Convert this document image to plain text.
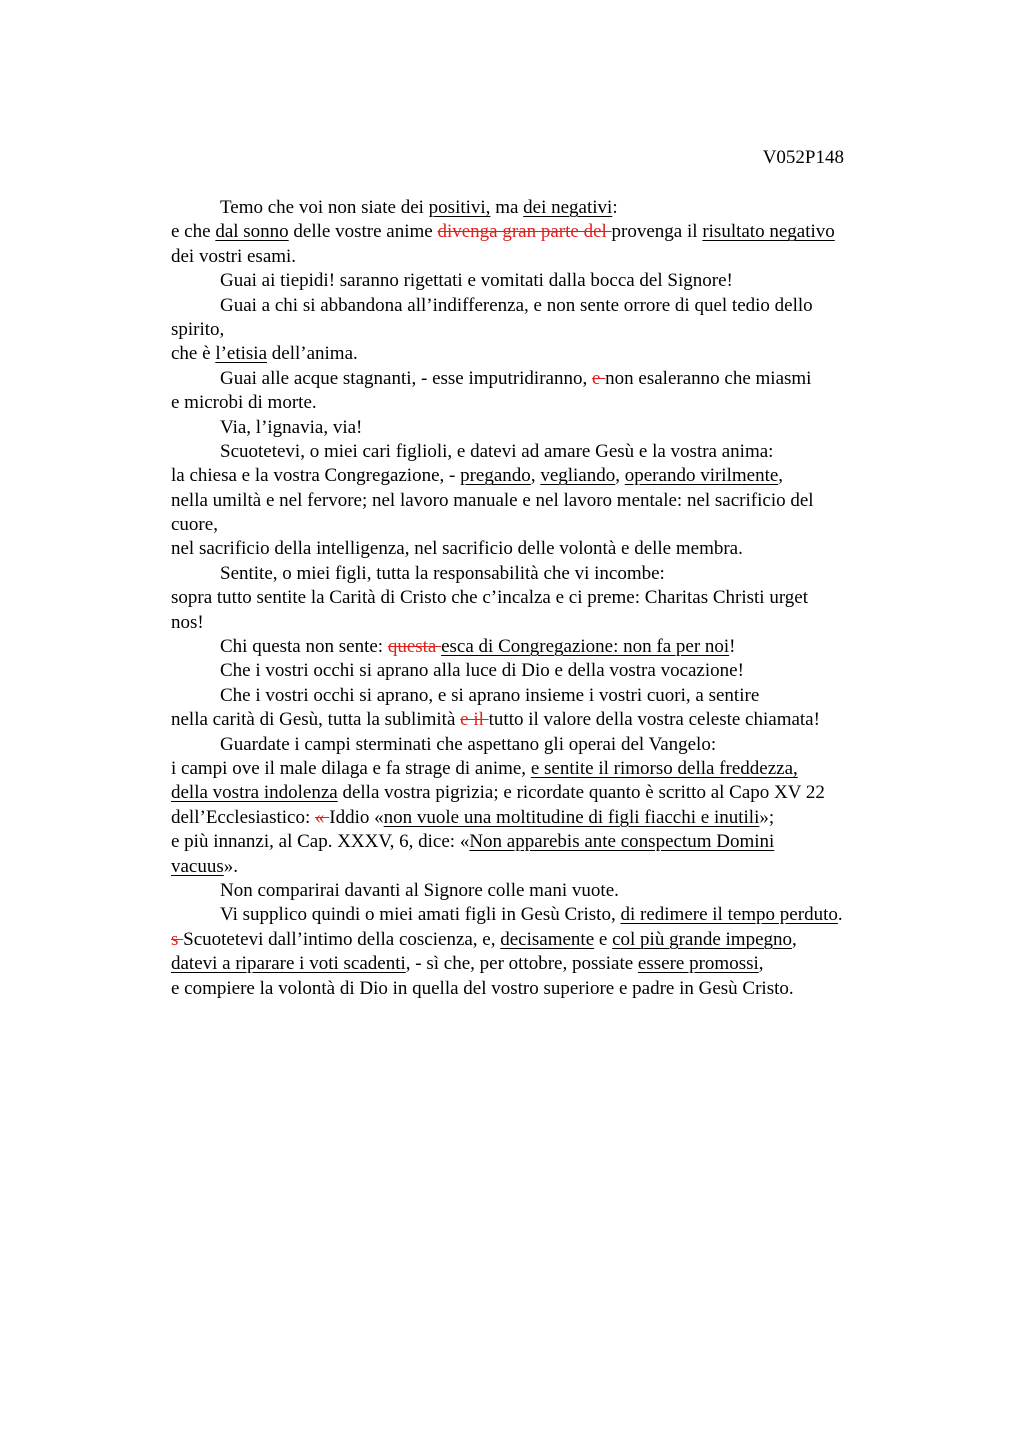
V052P148
Temo che voi non siate dei positivi, ma dei negativi:
e che dal sonno delle vostre anime divenga gran parte del provenga il risultato negativo
dei vostri esami.
Guai ai tiepidi! saranno rigettati e vomitati dalla bocca del Signore!
Guai a chi si abbandona all’indifferenza, e non sente orrore di quel tedio dello
spirito,
che è l’etisia dell’anima.
Guai alle acque stagnanti, - esse imputridiranno, e non esaleranno che miasmi
e microbi di morte.
Via, l’ignavia, via!
Scuotetevi, o miei cari figlioli, e datevi ad amare Gesù e la vostra anima:
la chiesa e la vostra Congregazione, - pregando, vegliando, operando virilmente,
nella umiltà e nel fervore; nel lavoro manuale e nel lavoro mentale: nel sacrificio del
cuore,
nel sacrificio della intelligenza, nel sacrificio delle volontà e delle membra.
Sentite, o miei figli, tutta la responsabilità che vi incombe:
sopra tutto sentite la Carità di Cristo che c’incalza e ci preme: Charitas Christi urget
nos!
Chi questa non sente: questa esca di Congregazione: non fa per noi!
Che i vostri occhi si aprano alla luce di Dio e della vostra vocazione!
Che i vostri occhi si aprano, e si aprano insieme i vostri cuori, a sentire
nella carità di Gesù, tutta la sublimità e il tutto il valore della vostra celeste chiamata!
Guardate i campi sterminati che aspettano gli operai del Vangelo:
i campi ove il male dilaga e fa strage di anime, e sentite il rimorso della freddezza,
della vostra indolenza della vostra pigrizia; e ricordate quanto è scritto al Capo XV 22
dell’Ecclesiastico: « Iddio «non vuole una moltitudine di figli fiacchi e inutili»;
e più innanzi, al Cap. XXXV, 6, dice: «Non apparebis ante conspectum Domini
vacuus».
Non comparirai davanti al Signore colle mani vuote.
Vi supplico quindi o miei amati figli in Gesù Cristo, di redimere il tempo perduto.
s Scuotetevi dall’intimo della coscienza, e, decisamente e col più grande impegno,
datevi a riparare i voti scadenti, - sì che, per ottobre, possiate essere promossi,
e compiere la volontà di Dio in quella del vostro superiore e padre in Gesù Cristo.
